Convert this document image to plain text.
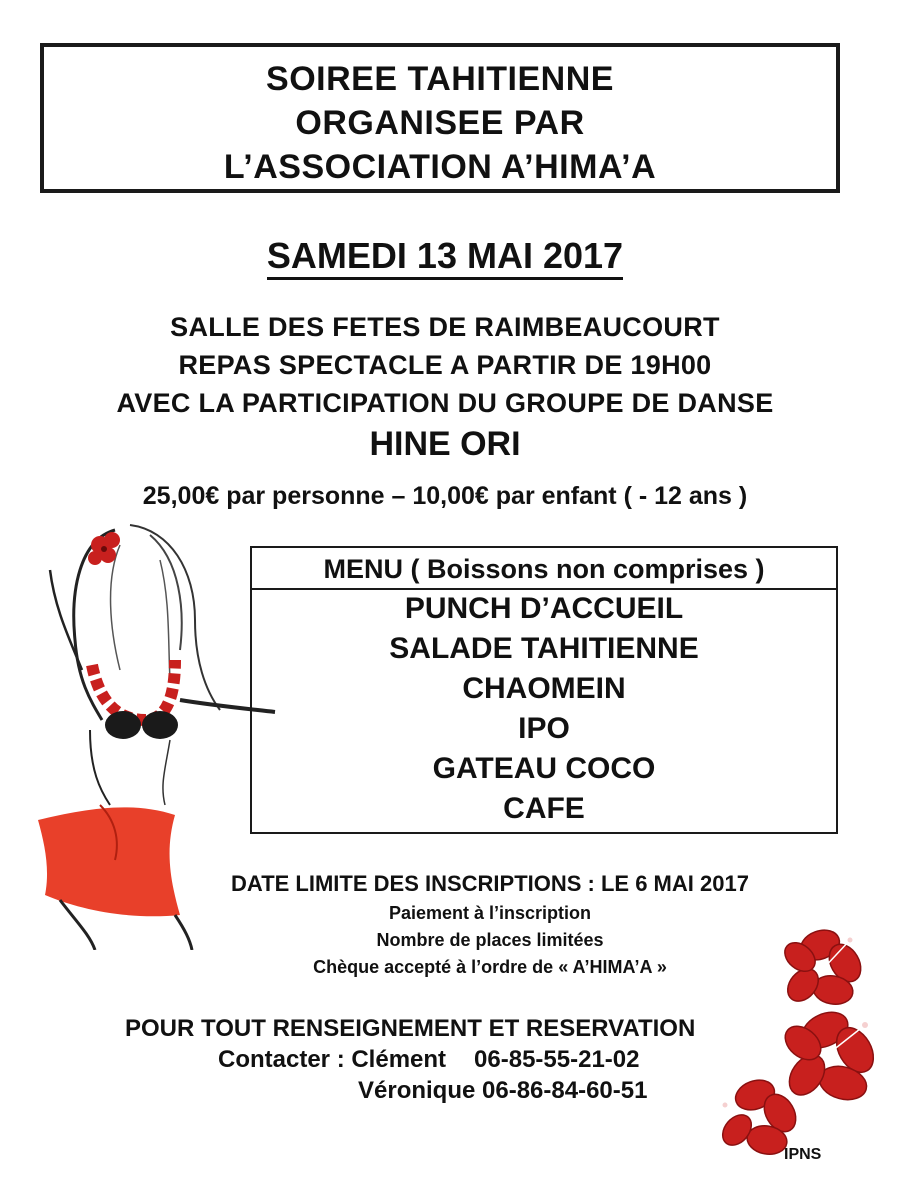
SOIREE TAHITIENNE
ORGANISEE PAR
L’ASSOCIATION A’HIMA’A
SAMEDI 13 MAI 2017
SALLE DES FETES DE RAIMBEAUCOURT
REPAS SPECTACLE A PARTIR DE 19H00
AVEC LA PARTICIPATION DU GROUPE DE DANSE
HINE ORI
25,00€ par personne – 10,00€ par enfant ( - 12 ans )
MENU ( Boissons non comprises )
PUNCH D’ACCUEIL
SALADE TAHITIENNE
CHAOMEIN
IPO
GATEAU COCO
CAFE
DATE LIMITE DES INSCRIPTIONS : LE 6 MAI 2017
Paiement à l’inscription
Nombre de places limitées
Chèque accepté à l’ordre de « A’HIMA’A »
POUR TOUT RENSEIGNEMENT ET RESERVATION
Contacter : Clément 06-85-55-21-02
Véronique 06-86-84-60-51
IPNS
